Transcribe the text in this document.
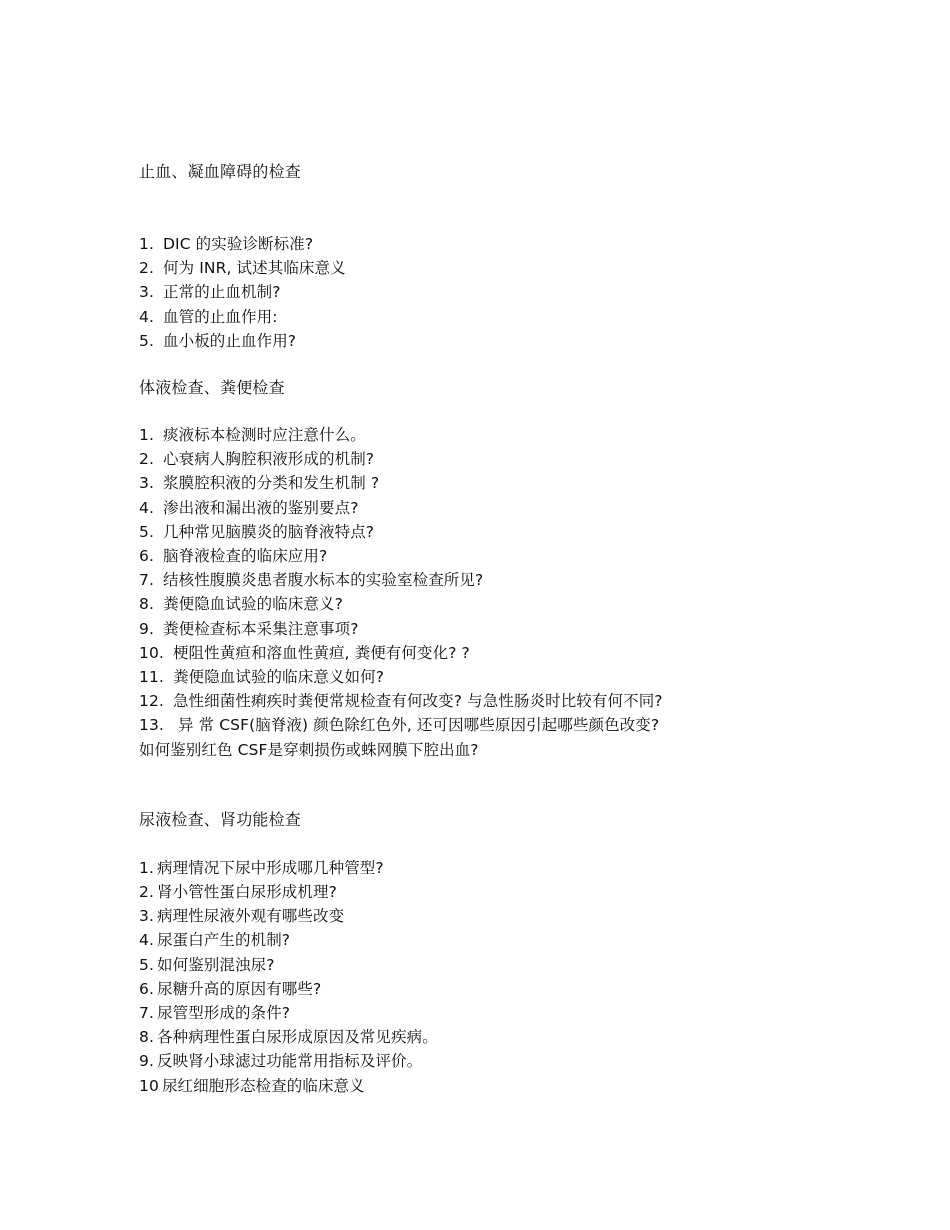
止血、凝血障碍的检查
1. DIC 的实验诊断标准?
2. 何为 INR, 试述其临床意义
3. 正常的止血机制?
4. 血管的止血作用:
5. 血小板的止血作用?
体液检查、粪便检查
1. 痰液标本检测时应注意什么。
2. 心衰病人胸腔积液形成的机制?
3. 浆膜腔积液的分类和发生机制 ?
4. 渗出液和漏出液的鉴别要点?
5. 几种常见脑膜炎的脑脊液特点?
6. 脑脊液检查的临床应用?
7. 结核性腹膜炎患者腹水标本的实验室检查所见?
8. 粪便隐血试验的临床意义?
9. 粪便检查标本采集注意事项?
10. 梗阻性黄疸和溶血性黄疸, 粪便有何变化? ?
11. 粪便隐血试验的临床意义如何?
12. 急性细菌性痢疾时粪便常规检查有何改变? 与急性肠炎时比较有何不同?
13. 异 常 CSF(脑脊液) 颜色除红色外, 还可因哪些原因引起哪些颜色改变?
如何鉴别红色 CSF是穿刺损伤或蛛网膜下腔出血?
尿液检查、肾功能检查
1. 病理情况下尿中形成哪几种管型?
2. 肾小管性蛋白尿形成机理?
3. 病理性尿液外观有哪些改变
4. 尿蛋白产生的机制?
5. 如何鉴别混浊尿?
6. 尿糖升高的原因有哪些?
7. 尿管型形成的条件?
8. 各种病理性蛋白尿形成原因及常见疾病。
9. 反映肾小球滤过功能常用指标及评价。
10 尿红细胞形态检查的临床意义
